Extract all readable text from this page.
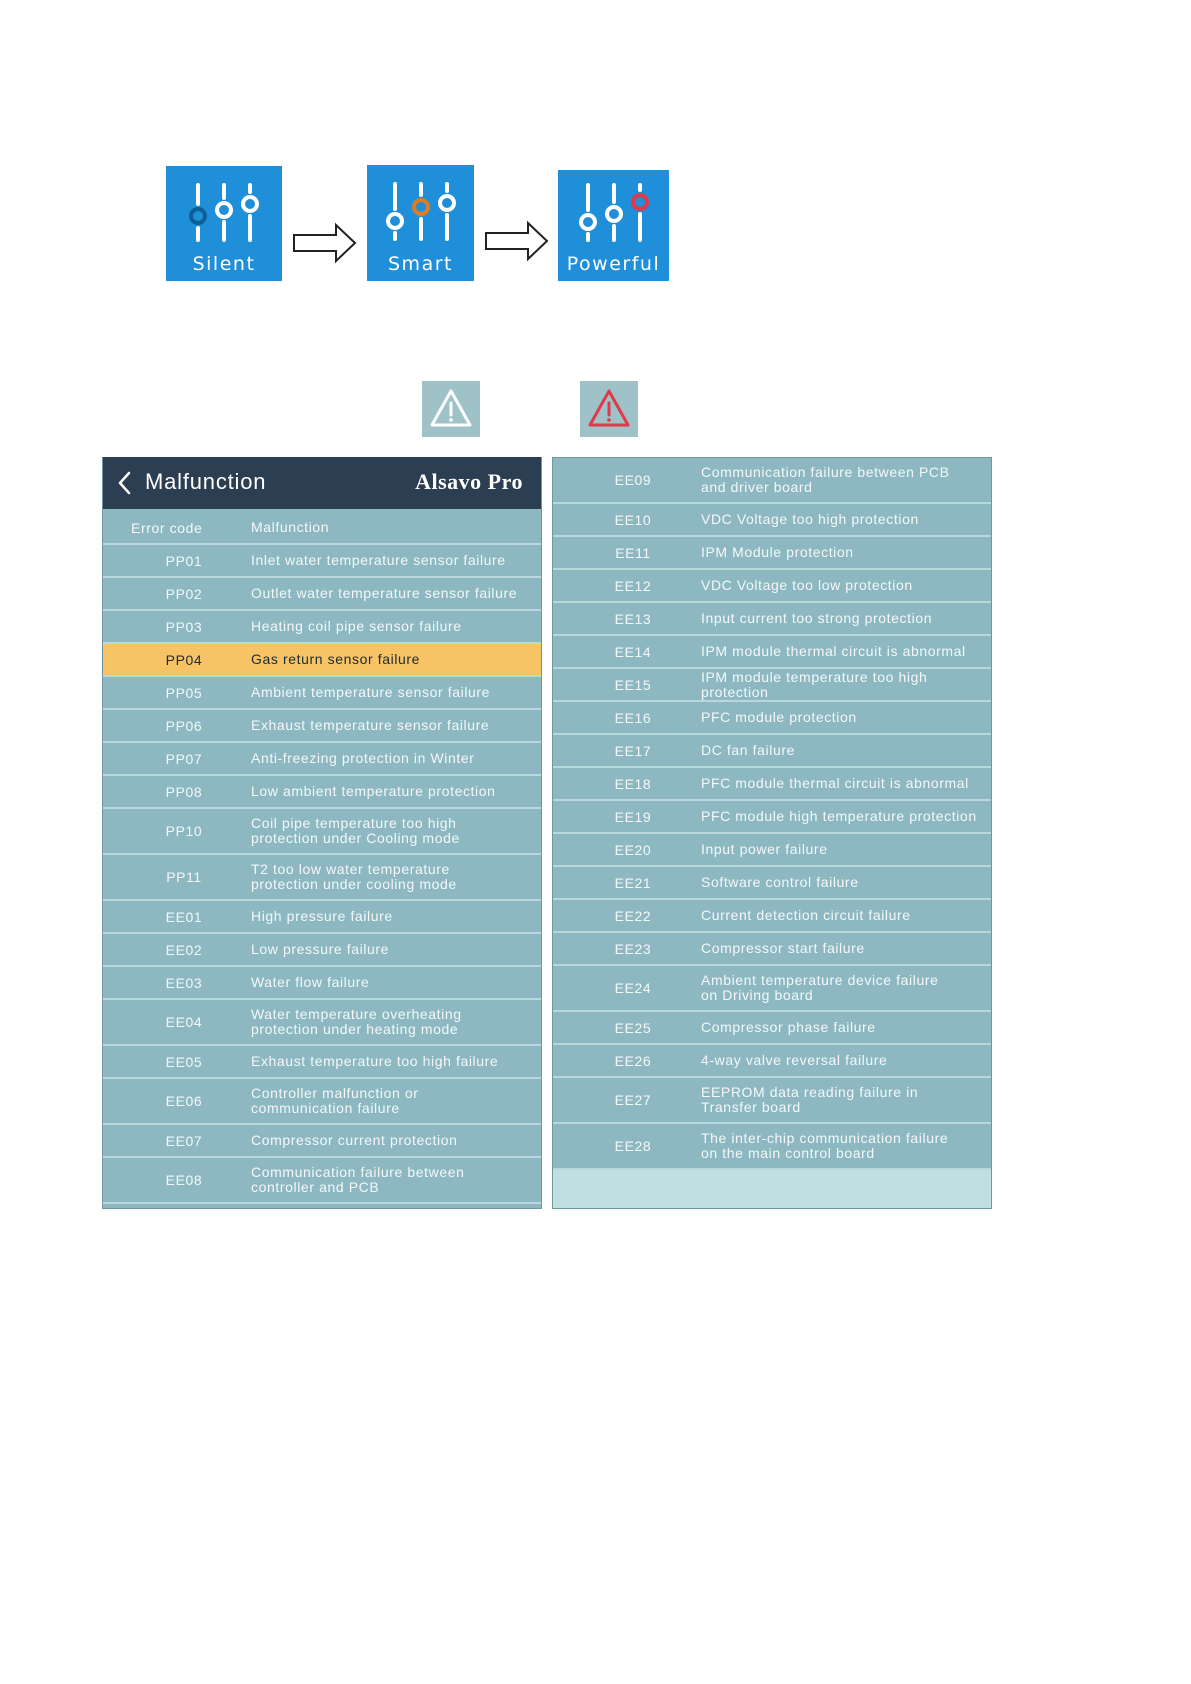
Silent	Smart	Powerful
Malfunction	Alsavo Pro
Error code	Malfunction
PP01	Inlet water temperature sensor failure
PP02	Outlet water temperature sensor failure
PP03	Heating coil pipe sensor failure
PP04	Gas return sensor failure
PP05	Ambient temperature sensor failure
PP06	Exhaust temperature sensor failure
PP07	Anti-freezing protection in Winter
PP08	Low ambient temperature protection
PP10	Coil pipe temperature too high
protection under Cooling mode
PP11	T2 too low water temperature
protection under cooling mode
EE01	High pressure failure
EE02	Low pressure failure
EE03	Water flow failure
EE04	Water temperature overheating
protection under heating mode
EE05	Exhaust temperature too high failure
EE06	Controller malfunction or
communication failure
EE07	Compressor current protection
EE08	Communication failure between
controller and PCB
EE09	Communication failure between PCB
and driver board
EE10	VDC Voltage too high protection
EE11	IPM Module protection
EE12	VDC Voltage too low protection
EE13	Input current too strong protection
EE14	IPM module thermal circuit is abnormal
EE15	IPM module temperature too high protection
EE16	PFC module protection
EE17	DC fan failure
EE18	PFC module thermal circuit is abnormal
EE19	PFC module high temperature protection
EE20	Input power failure
EE21	Software control failure
EE22	Current detection circuit failure
EE23	Compressor start failure
EE24	Ambient temperature device failure
on Driving board
EE25	Compressor phase failure
EE26	4-way valve reversal failure
EE27	EEPROM data reading failure in
Transfer board
EE28	The inter-chip communication failure
on the main control board
